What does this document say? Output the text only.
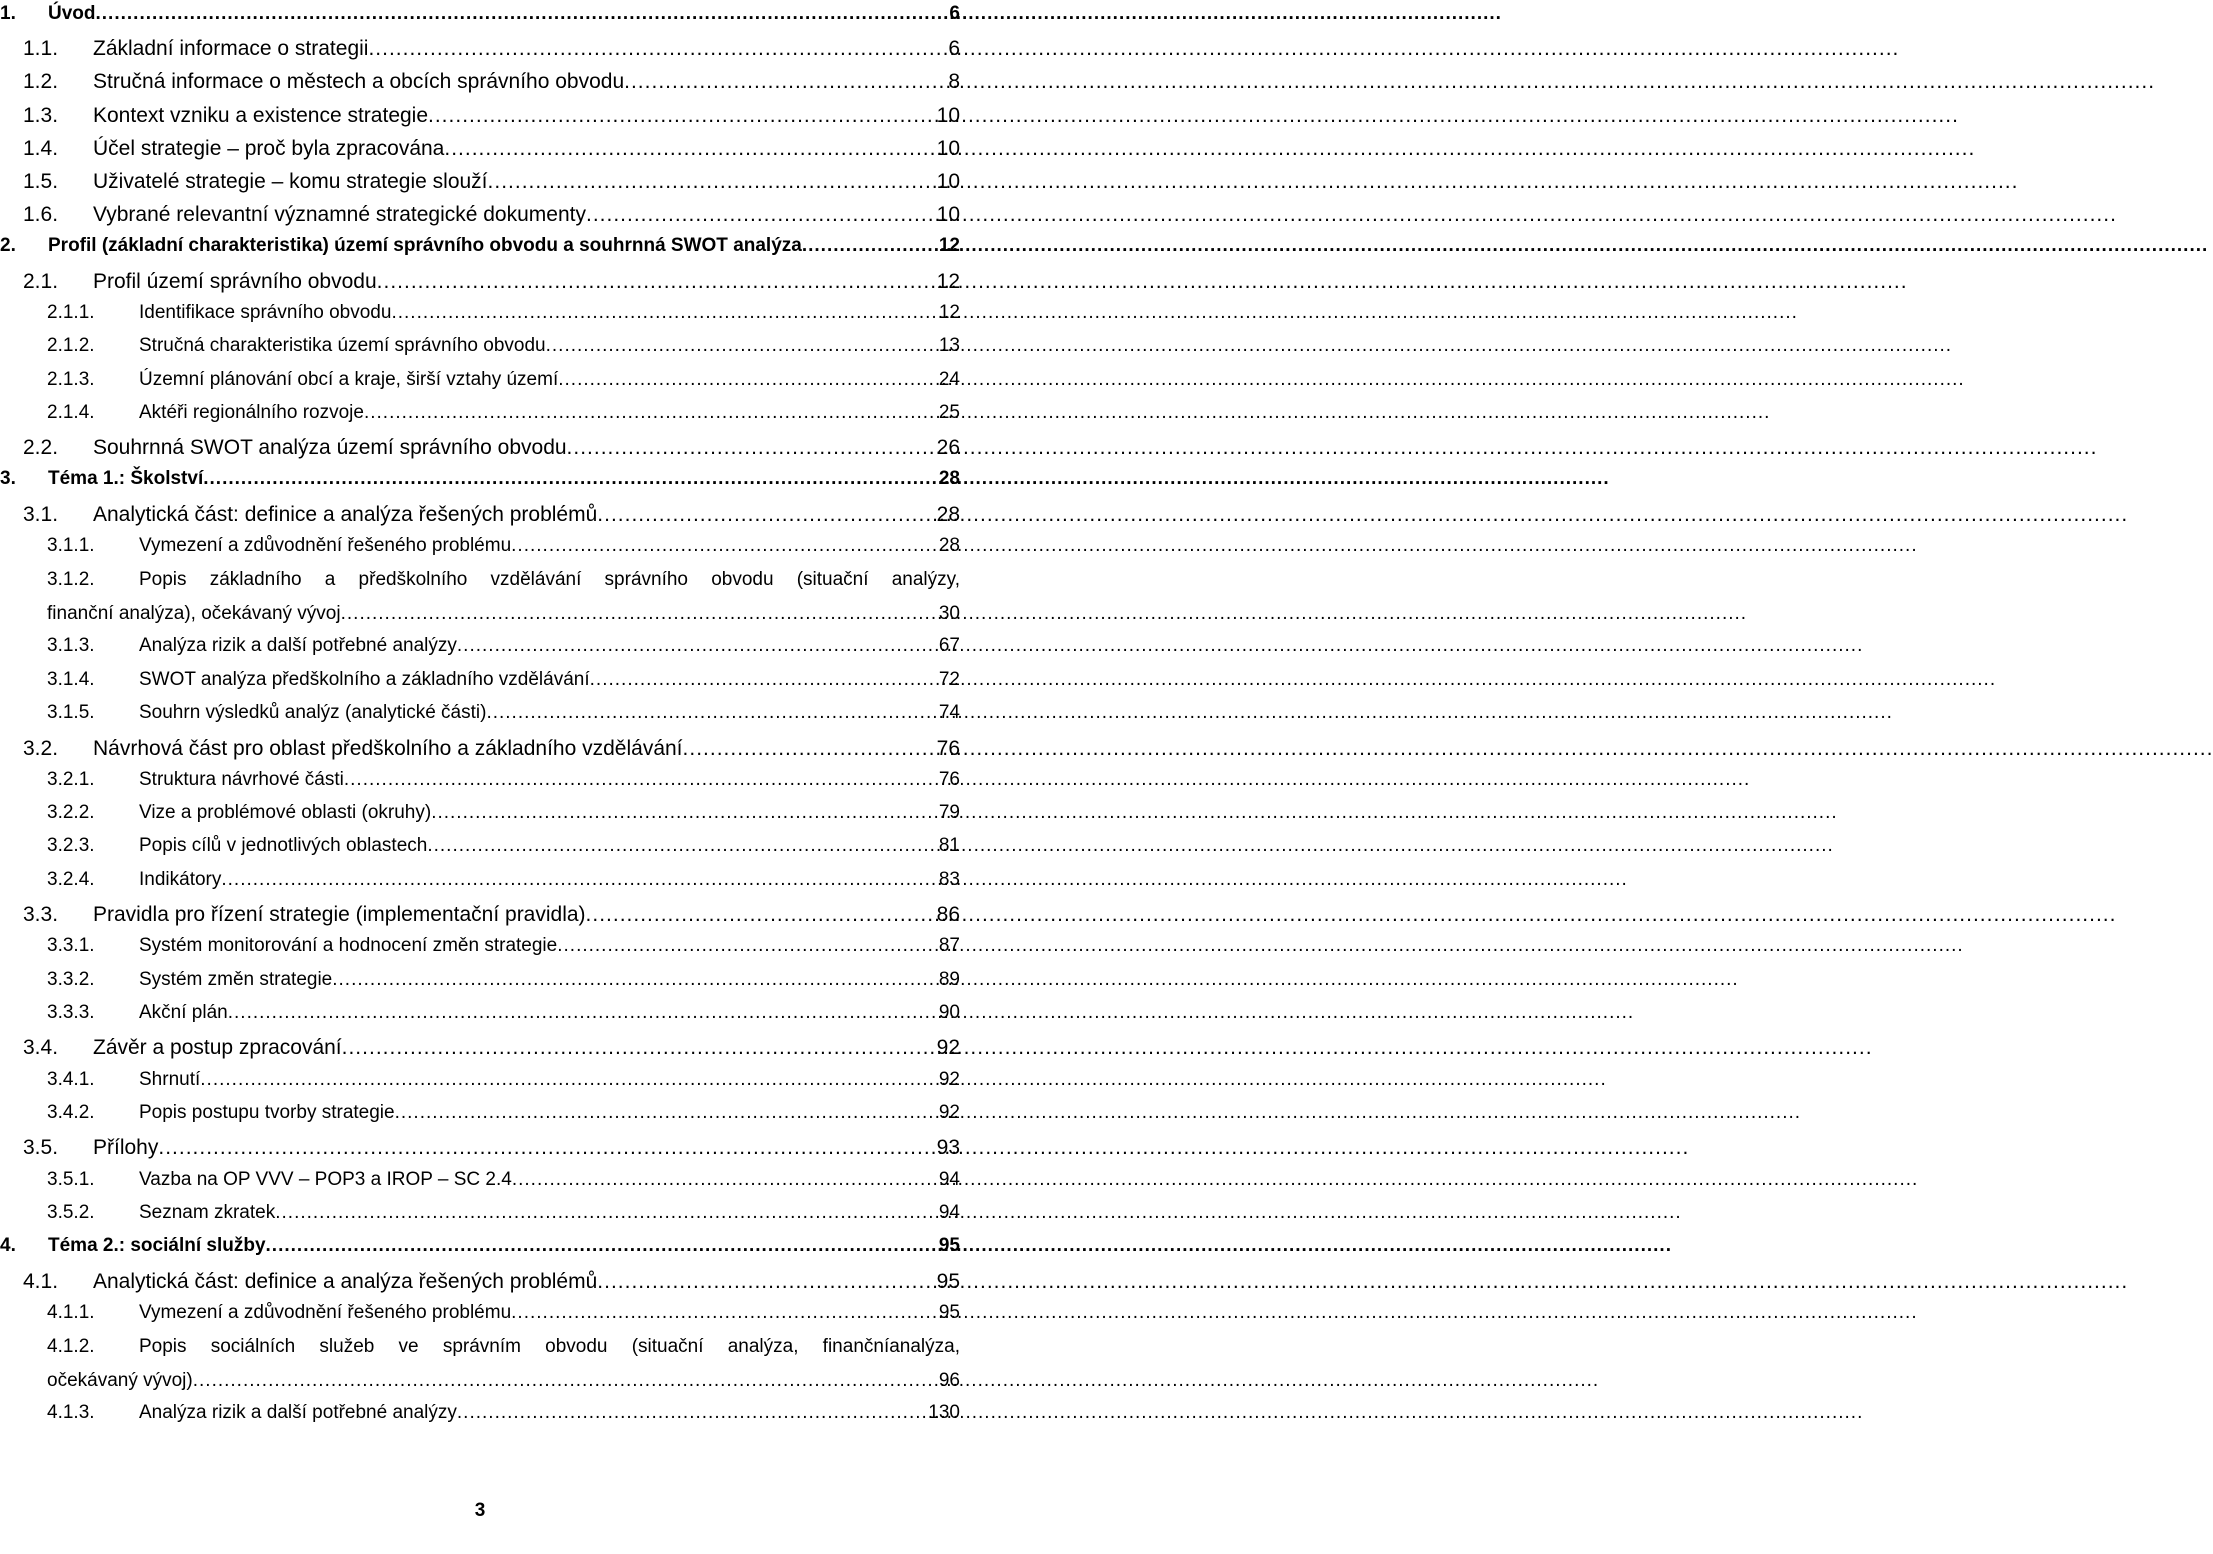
1.	Úvod .....	6
1.1.	Základní informace o strategii .....	6
1.2.	Stručná informace o městech a obcích správního obvodu .....	8
1.3.	Kontext vzniku a existence strategie .....	10
1.4.	Účel strategie – proč byla zpracována .....	10
1.5.	Uživatelé strategie – komu strategie slouží .....	10
1.6.	Vybrané relevantní významné strategické dokumenty .....	10
2.	Profil (základní charakteristika) území správního obvodu a souhrnná SWOT analýza .....	12
2.1.	Profil území správního obvodu .....	12
2.1.1.	Identifikace správního obvodu .....	12
2.1.2.	Stručná charakteristika území správního obvodu .....	13
2.1.3.	Územní plánování obcí a kraje, širší vztahy území .....	24
2.1.4.	Aktéři regionálního rozvoje .....	25
2.2.	Souhrnná SWOT analýza území správního obvodu .....	26
3.	Téma 1.: Školství .....	28
3.1.	Analytická část: definice a analýza řešených problémů .....	28
3.1.1.	Vymezení a zdůvodnění řešeného problému .....	28
3.1.2.	Popis základního a předškolního vzdělávání správního obvodu (situační analýzy,
finanční analýza), očekávaný vývoj .....	30
3.1.3.	Analýza rizik a další potřebné analýzy .....	67
3.1.4.	SWOT analýza předškolního a základního vzdělávání .....	72
3.1.5.	Souhrn výsledků analýz (analytické části) .....	74
3.2.	Návrhová část pro oblast předškolního a základního vzdělávání .....	76
3.2.1.	Struktura návrhové části .....	76
3.2.2.	Vize a problémové oblasti (okruhy) .....	79
3.2.3.	Popis cílů v jednotlivých oblastech .....	81
3.2.4.	Indikátory .....	83
3.3.	Pravidla pro řízení strategie (implementační pravidla) .....	86
3.3.1.	Systém monitorování a hodnocení změn strategie .....	87
3.3.2.	Systém změn strategie .....	89
3.3.3.	Akční plán .....	90
3.4.	Závěr a postup zpracování .....	92
3.4.1.	Shrnutí .....	92
3.4.2.	Popis postupu tvorby strategie .....	92
3.5.	Přílohy .....	93
3.5.1.	Vazba na OP VVV – POP3 a IROP – SC 2.4 .....	94
3.5.2.	Seznam zkratek .....	94
4.	Téma 2.: sociální služby .....	95
4.1.	Analytická část: definice a analýza řešených problémů .....	95
4.1.1.	Vymezení a zdůvodnění řešeného problému .....	95
4.1.2.	Popis sociálních služeb ve správním obvodu (situační analýza, finančníanalýza,
očekávaný vývoj) .....	96
4.1.3.	Analýza rizik a další potřebné analýzy .....	130
3
